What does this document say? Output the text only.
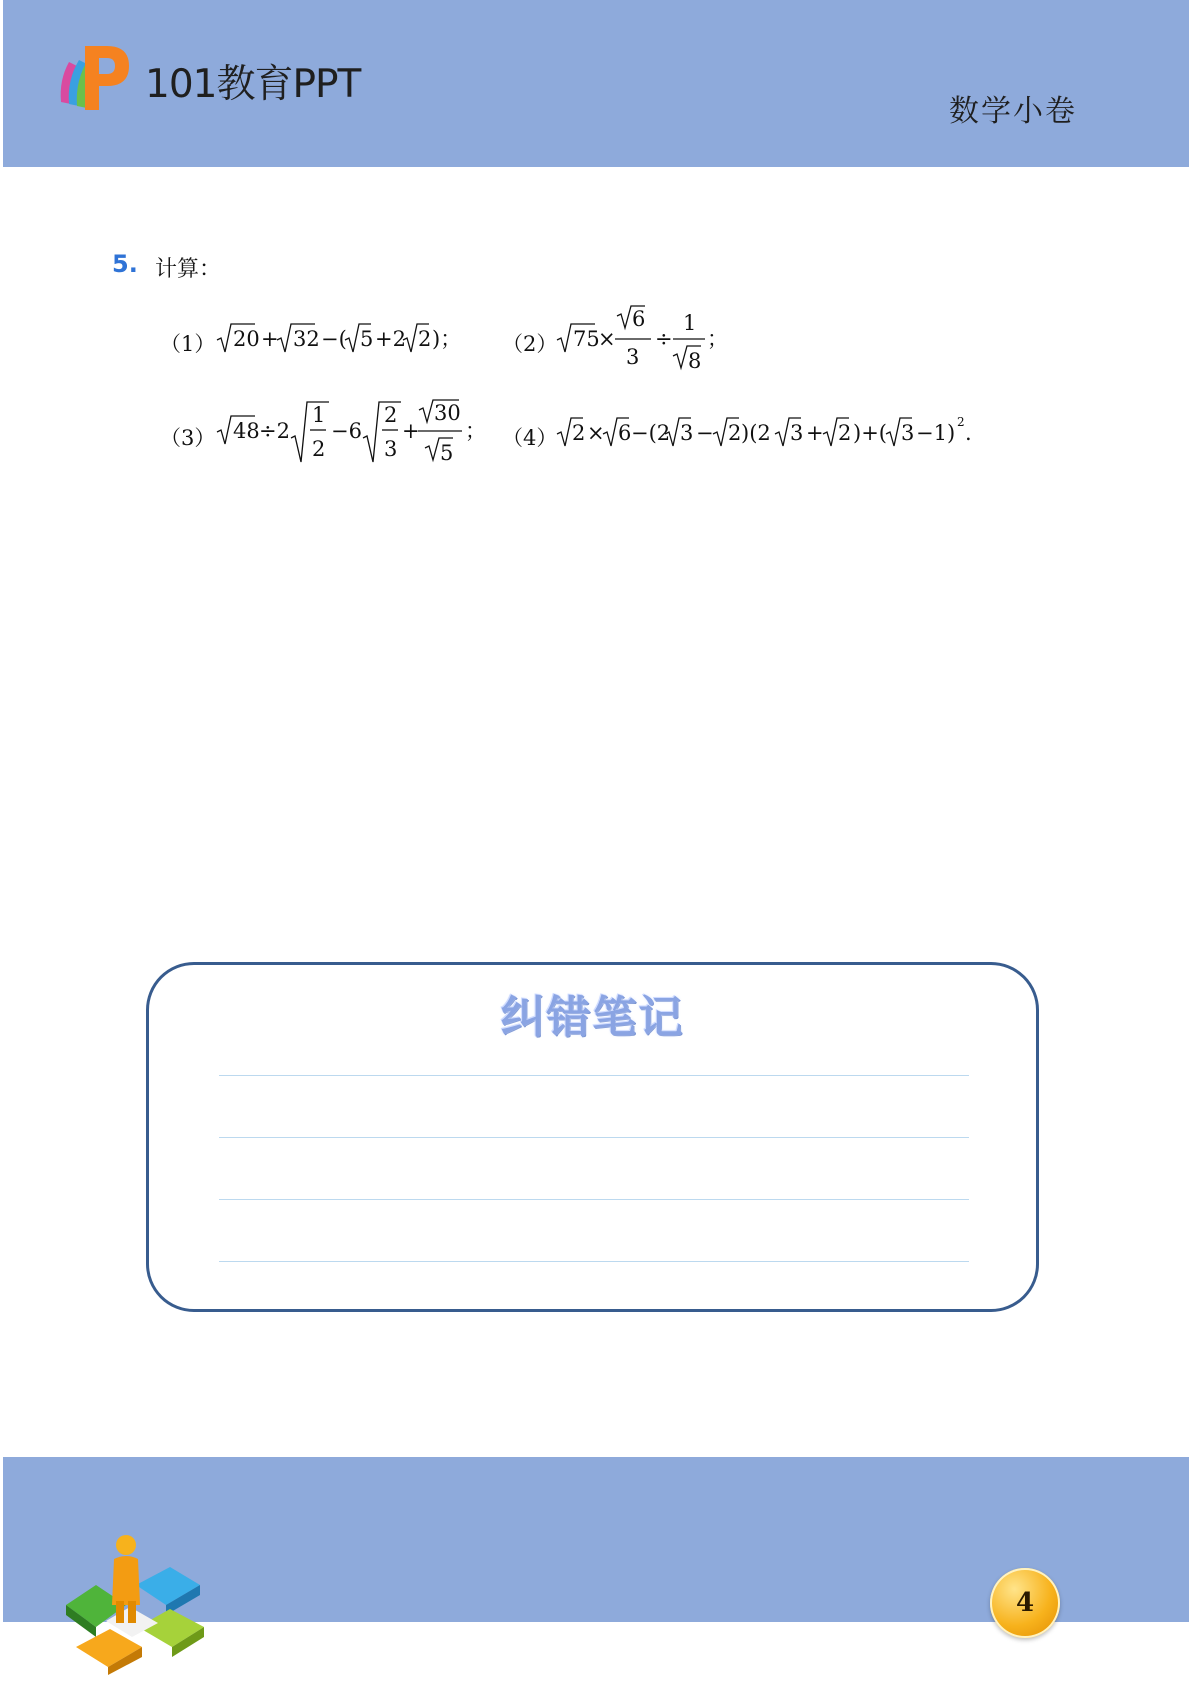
101教育PPT
数学小卷
5. 计算：
（1） 20 + 32 −( 5 +2 2 )； （2） 75
×
6
3
÷
1
8
；
（3） 48 ÷2
1
2
−6
2
3
+
30
5
； （4） 2 × 6 −(2 3 − 2 )(2 3 + 2 )+( 3 −1) 2 .
纠错笔记
4
